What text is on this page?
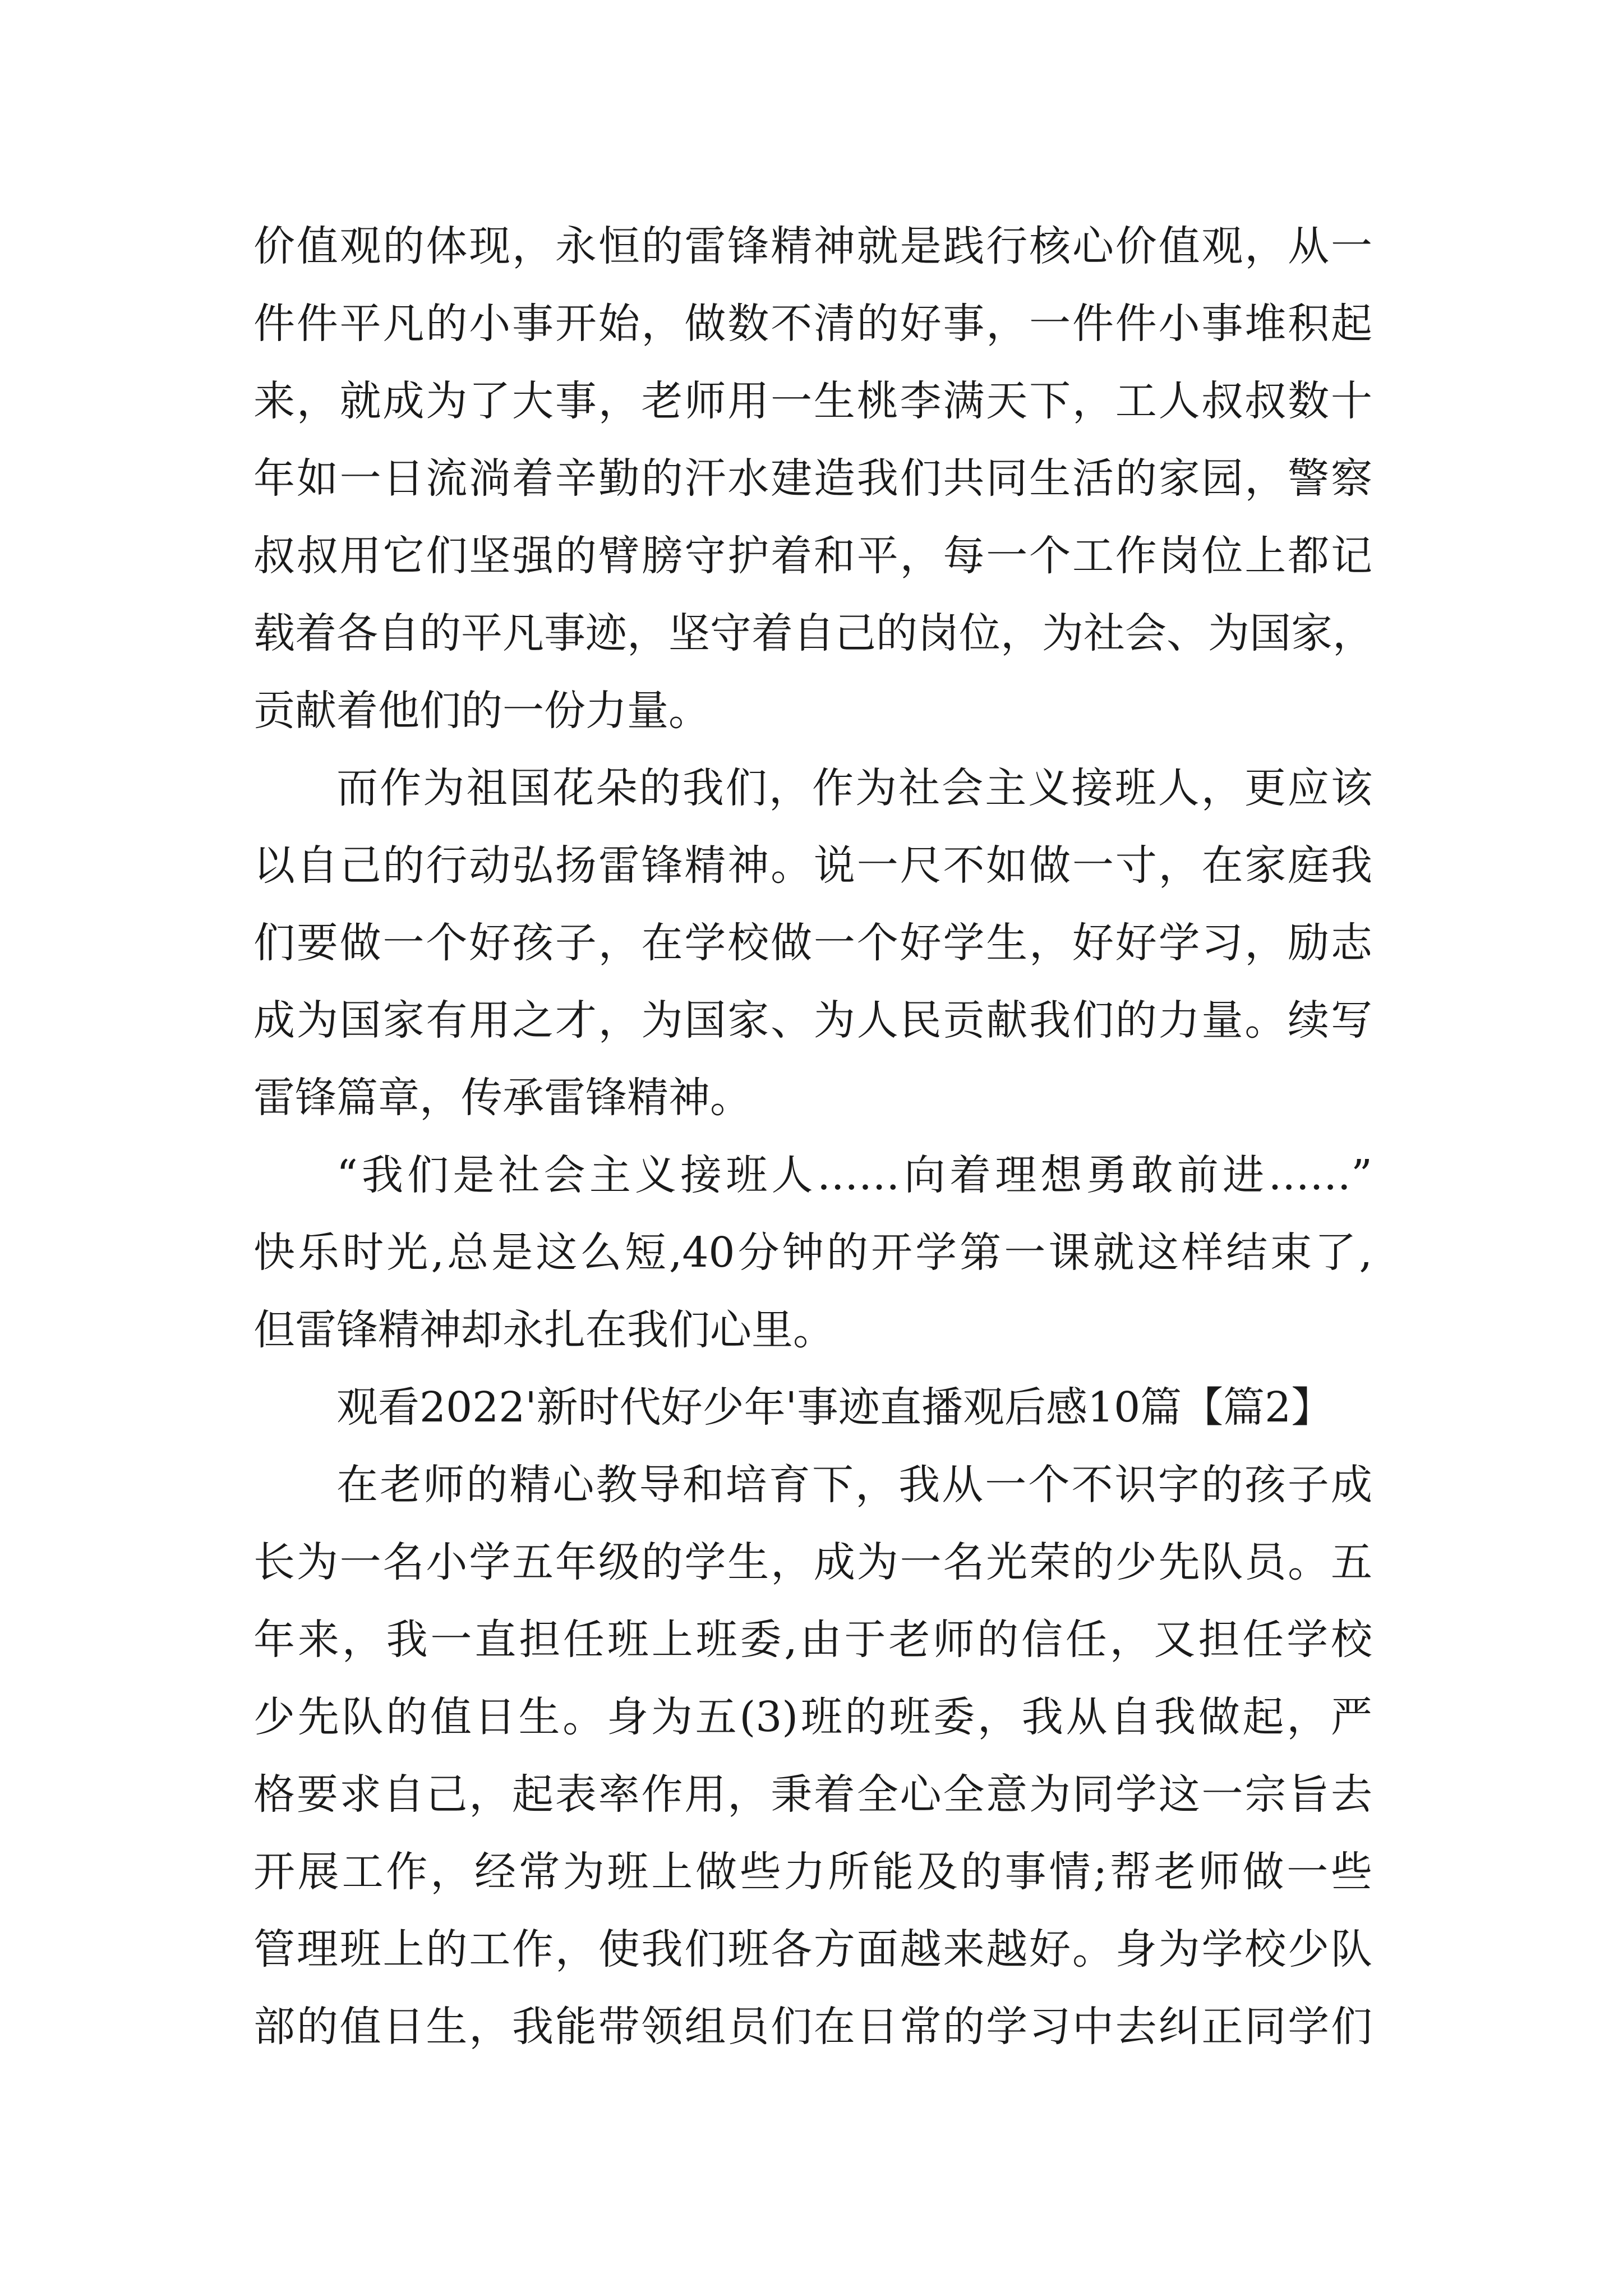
价值观的体现，永恒的雷锋精神就是践行核心价值观，从一
件件平凡的小事开始，做数不清的好事，一件件小事堆积起
来，就成为了大事，老师用一生桃李满天下，工人叔叔数十
年如一日流淌着辛勤的汗水建造我们共同生活的家园，警察
叔叔用它们坚强的臂膀守护着和平，每一个工作岗位上都记
载着各自的平凡事迹，坚守着自己的岗位，为社会、为国家，
贡献着他们的一份力量。
而作为祖国花朵的我们，作为社会主义接班人，更应该
以自己的行动弘扬雷锋精神。说一尺不如做一寸，在家庭我
们要做一个好孩子，在学校做一个好学生，好好学习，励志
成为国家有用之才，为国家、为人民贡献我们的力量。续写
雷锋篇章，传承雷锋精神。
“我们是社会主义接班人……向着理想勇敢前进……”
快乐时光,总是这么短,40分钟的开学第一课就这样结束了,
但雷锋精神却永扎在我们心里。
观看2022'新时代好少年'事迹直播观后感10篇【篇2】
在老师的精心教导和培育下，我从一个不识字的孩子成
长为一名小学五年级的学生，成为一名光荣的少先队员。五
年来，我一直担任班上班委,由于老师的信任，又担任学校
少先队的值日生。身为五(3)班的班委，我从自我做起，严
格要求自己，起表率作用，秉着全心全意为同学这一宗旨去
开展工作，经常为班上做些力所能及的事情;帮老师做一些
管理班上的工作，使我们班各方面越来越好。身为学校少队
部的值日生，我能带领组员们在日常的学习中去纠正同学们
